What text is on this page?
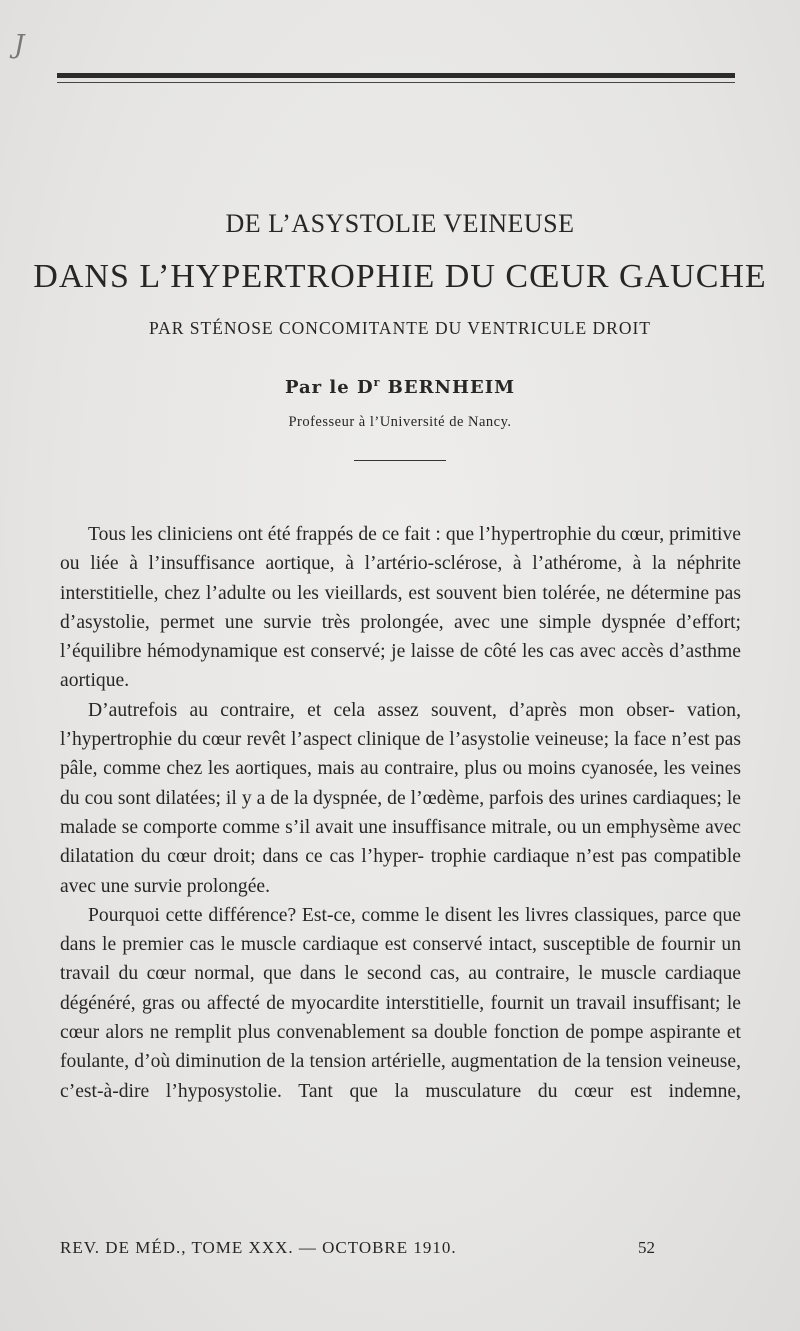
J
DE L’ASYSTOLIE VEINEUSE
DANS L’HYPERTROPHIE DU CŒUR GAUCHE
PAR STÉNOSE CONCOMITANTE DU VENTRICULE DROIT
Par le $D^r$ BERNHEIM
Professeur à l’Université de Nancy.

Tous les cliniciens ont été frappés de ce fait : que l’hypertrophie du cœur, primitive ou liée à l’insuffisance aortique, à l’artério-sclérose, à l’athérome, à la néphrite interstitielle, chez l’adulte ou les vieillards, est souvent bien tolérée, ne détermine pas d’asystolie, permet une survie très prolongée, avec une simple dyspnée d’effort; l’équilibre hémodynamique est conservé; je laisse de côté les cas avec accès d’asthme aortique.

D’autrefois au contraire, et cela assez souvent, d’après mon obser- vation, l’hypertrophie du cœur revêt l’aspect clinique de l’asystolie veineuse; la face n’est pas pâle, comme chez les aortiques, mais au contraire, plus ou moins cyanosée, les veines du cou sont dilatées; il y a de la dyspnée, de l’œdème, parfois des urines cardiaques; le malade se comporte comme s’il avait une insuffisance mitrale, ou un emphysème avec dilatation du cœur droit; dans ce cas l’hyper- trophie cardiaque n’est pas compatible avec une survie prolongée.

Pourquoi cette différence? Est-ce, comme le disent les livres classiques, parce que dans le premier cas le muscle cardiaque est conservé intact, susceptible de fournir un travail du cœur normal, que dans le second cas, au contraire, le muscle cardiaque dégénéré, gras ou affecté de myocardite interstitielle, fournit un travail insuffisant; le cœur alors ne remplit plus convenablement sa double fonction de pompe aspirante et foulante, d’où diminution de la tension artérielle, augmentation de la tension veineuse, c’est-à-dire l’hyposystolie. Tant que la musculature du cœur est indemne,

REV. DE MÉD., TOME XXX. — OCTOBRE 1910.	52
